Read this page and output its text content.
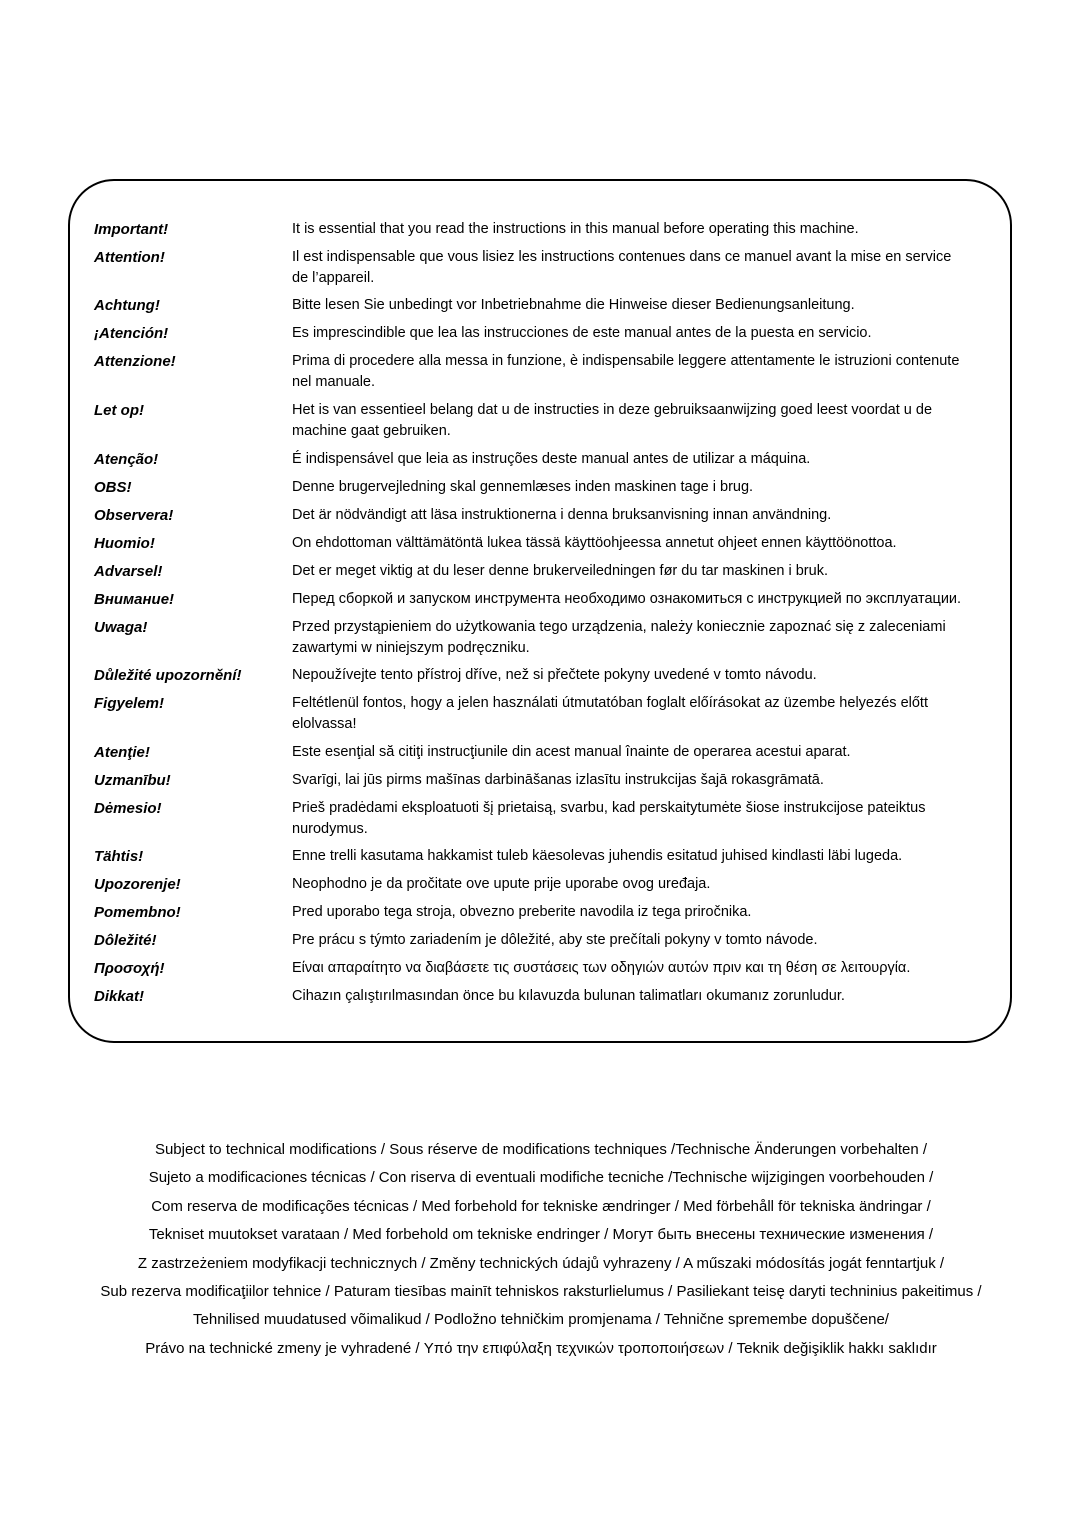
Important!	It is essential that you read the instructions in this manual before operating this machine.
Attention!	Il est indispensable que vous lisiez les instructions contenues dans ce manuel avant la mise en service
de l’appareil.
Achtung!	Bitte lesen Sie unbedingt vor Inbetriebnahme die Hinweise dieser Bedienungsanleitung.
¡Atención!	Es imprescindible que lea las instrucciones de este manual antes de la puesta en servicio.
Attenzione!	Prima di procedere alla messa in funzione, è indispensabile leggere attentamente le istruzioni contenute
nel manuale.
Let op!	Het is van essentieel belang dat u de instructies in deze gebruiksaanwijzing goed leest voordat u de
machine gaat gebruiken.
Atenção!	É indispensável que leia as instruções deste manual antes de utilizar a máquina.
OBS!	Denne brugervejledning skal gennemlæses inden maskinen tage i brug.
Observera!	Det är nödvändigt att läsa instruktionerna i denna bruksanvisning innan användning.
Huomio!	On ehdottoman välttämätöntä lukea tässä käyttöohjeessa annetut ohjeet ennen käyttöönottoa.
Advarsel!	Det er meget viktig at du leser denne brukerveiledningen før du tar maskinen i bruk.
Внимание!	Перед сборкой и запуском инструмента необходимо ознакомиться с инструкцией по эксплуатации.
Uwaga!	Przed przystąpieniem do użytkowania tego urządzenia, należy koniecznie zapoznać się z zaleceniami
zawartymi w niniejszym podręczniku.
Důležité upozornění!	Nepoužívejte tento přístroj dříve, než si přečtete pokyny uvedené v tomto návodu.
Figyelem!	Feltétlenül fontos, hogy a jelen használati útmutatóban foglalt előírásokat az üzembe helyezés előtt
elolvassa!
Atenţie!	Este esenţial să citiţi instrucţiunile din acest manual înainte de operarea acestui aparat.
Uzmanību!	Svarīgi, lai jūs pirms mašīnas darbināšanas izlasītu instrukcijas šajā rokasgrāmatā.
Dėmesio!	Prieš pradėdami eksploatuoti šį prietaisą, svarbu, kad perskaitytumėte šiose instrukcijose pateiktus
nurodymus.
Tähtis!	Enne trelli kasutama hakkamist tuleb käesolevas juhendis esitatud juhised kindlasti läbi lugeda.
Upozorenje!	Neophodno je da pročitate ove upute prije uporabe ovog uređaja.
Pomembno!	Pred uporabo tega stroja, obvezno preberite navodila iz tega priročnika.
Dôležité!	Pre prácu s týmto zariadením je dôležité, aby ste prečítali pokyny v tomto návode.
Προσοχή!	Είναι απαραίτητο να διαβάσετε τις συστάσεις των οδηγιών αυτών πριν και τη θέση σε λειτουργία.
Dikkat!	Cihazın çalıştırılmasından önce bu kılavuzda bulunan talimatları okumanız zorunludur.
Subject to technical modifications / Sous réserve de modifications techniques /Technische Änderungen vorbehalten /
Sujeto a modificaciones técnicas / Con riserva di eventuali modifiche tecniche /Technische wijzigingen voorbehouden /
Com reserva de modificações técnicas / Med forbehold for tekniske ændringer / Med förbehåll för tekniska ändringar /
Tekniset muutokset varataan / Med forbehold om tekniske endringer / Могут быть внесены технические изменения /
Z zastrzeżeniem modyfikacji technicznych / Změny technických údajů vyhrazeny / A műszaki módosítás jogát fenntartjuk /
Sub rezerva modificaţiilor tehnice / Paturam tiesības mainīt tehniskos raksturlielumus / Pasiliekant teisę daryti techninius pakeitimus /
Tehnilised muudatused võimalikud / Podložno tehničkim promjenama / Tehnične spremembe dopuščene/
Právo na technické zmeny je vyhradené / Υπό την επιφύλαξη τεχνικών τροποποιήσεων / Teknik değişiklik hakkı saklıdır
